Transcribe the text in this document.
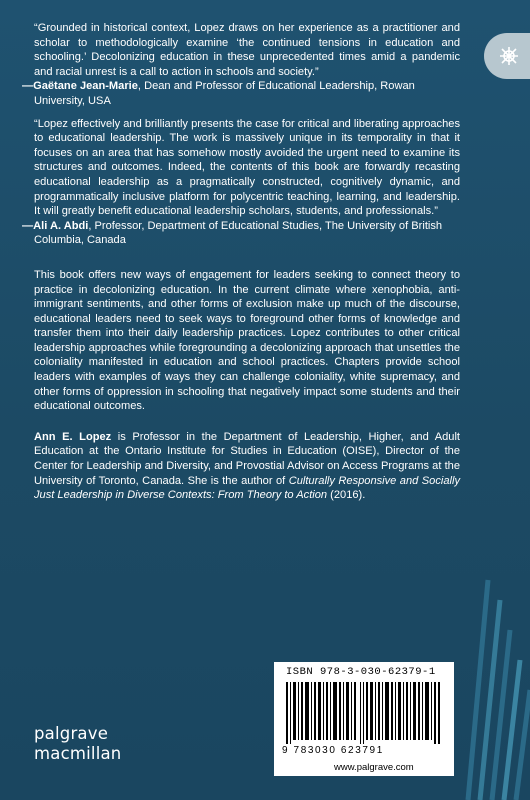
“Grounded in historical context, Lopez draws on her experience as a practitioner and scholar to methodologically examine ‘the continued tensions in education and schooling.’ Decolonizing education in these unprecedented times amid a pandemic and racial unrest is a call to action in schools and society.”

—Gaëtane Jean-Marie, Dean and Professor of Educational Leadership, Rowan University, USA

“Lopez effectively and brilliantly presents the case for critical and liberating approaches to educational leadership. The work is massively unique in its temporality in that it focuses on an area that has somehow mostly avoided the urgent need to examine its structures and outcomes. Indeed, the contents of this book are forwardly recasting educational leadership as a pragmatically constructed, cognitively dynamic, and programmatically inclusive platform for polycentric teaching, learning, and leadership. It will greatly benefit educational leadership scholars, students, and professionals.”

—Ali A. Abdi, Professor, Department of Educational Studies, The University of British Columbia, Canada

This book offers new ways of engagement for leaders seeking to connect theory to practice in decolonizing education. In the current climate where xenophobia, anti-immigrant sentiments, and other forms of exclusion make up much of the discourse, educational leaders need to seek ways to foreground other forms of knowledge and transfer them into their daily leadership practices. Lopez contributes to other critical leadership approaches while foregrounding a decolonizing approach that unsettles the coloniality manifested in education and school practices. Chapters provide school leaders with examples of ways they can challenge coloniality, white supremacy, and other forms of oppression in schooling that negatively impact some students and their educational outcomes.

Ann E. Lopez is Professor in the Department of Leadership, Higher, and Adult Education at the Ontario Institute for Studies in Education (OISE), Director of the Center for Leadership and Diversity, and Provostial Advisor on Access Programs at the University of Toronto, Canada. She is the author of Culturally Responsive and Socially Just Leadership in Diverse Contexts: From Theory to Action (2016).

ISBN 978-3-030-62379-1
9 783030 623791
www.palgrave.com
palgrave
macmillan
